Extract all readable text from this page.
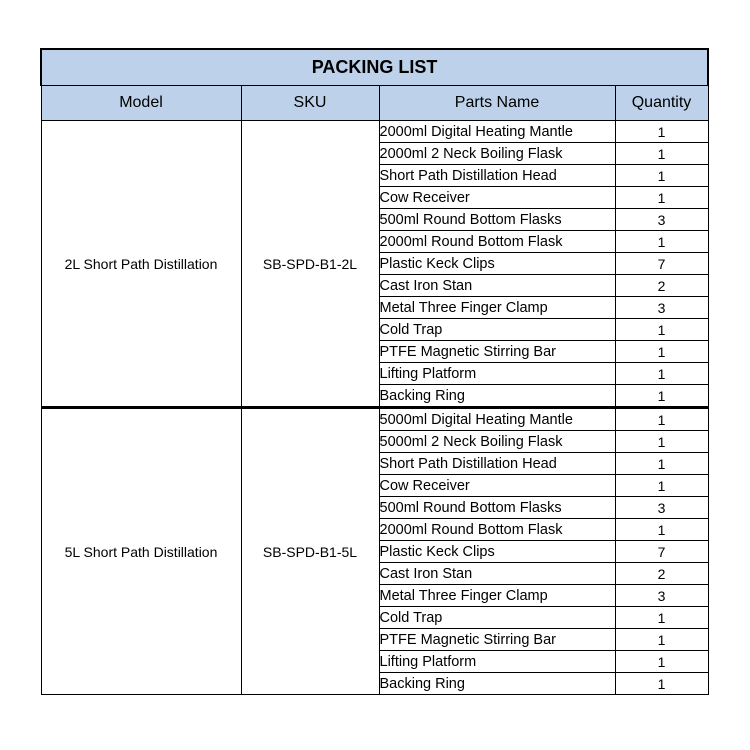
PACKING LIST			
Model	SKU	Parts Name	Quantity
2L Short Path Distillation	SB-SPD-B1-2L	2000ml Digital Heating Mantle	1
		2000ml 2 Neck Boiling Flask	1
		Short Path Distillation Head	1
		Cow Receiver	1
		500ml Round Bottom Flasks	3
		2000ml Round Bottom Flask	1
		Plastic Keck Clips	7
		Cast Iron Stan	2
		Metal Three Finger Clamp	3
		Cold Trap	1
		PTFE Magnetic Stirring Bar	1
		Lifting Platform	1
		Backing Ring	1
5L Short Path Distillation	SB-SPD-B1-5L	5000ml Digital Heating Mantle	1
		5000ml 2 Neck Boiling Flask	1
		Short Path Distillation Head	1
		Cow Receiver	1
		500ml Round Bottom Flasks	3
		2000ml Round Bottom Flask	1
		Plastic Keck Clips	7
		Cast Iron Stan	2
		Metal Three Finger Clamp	3
		Cold Trap	1
		PTFE Magnetic Stirring Bar	1
		Lifting Platform	1
		Backing Ring	1
